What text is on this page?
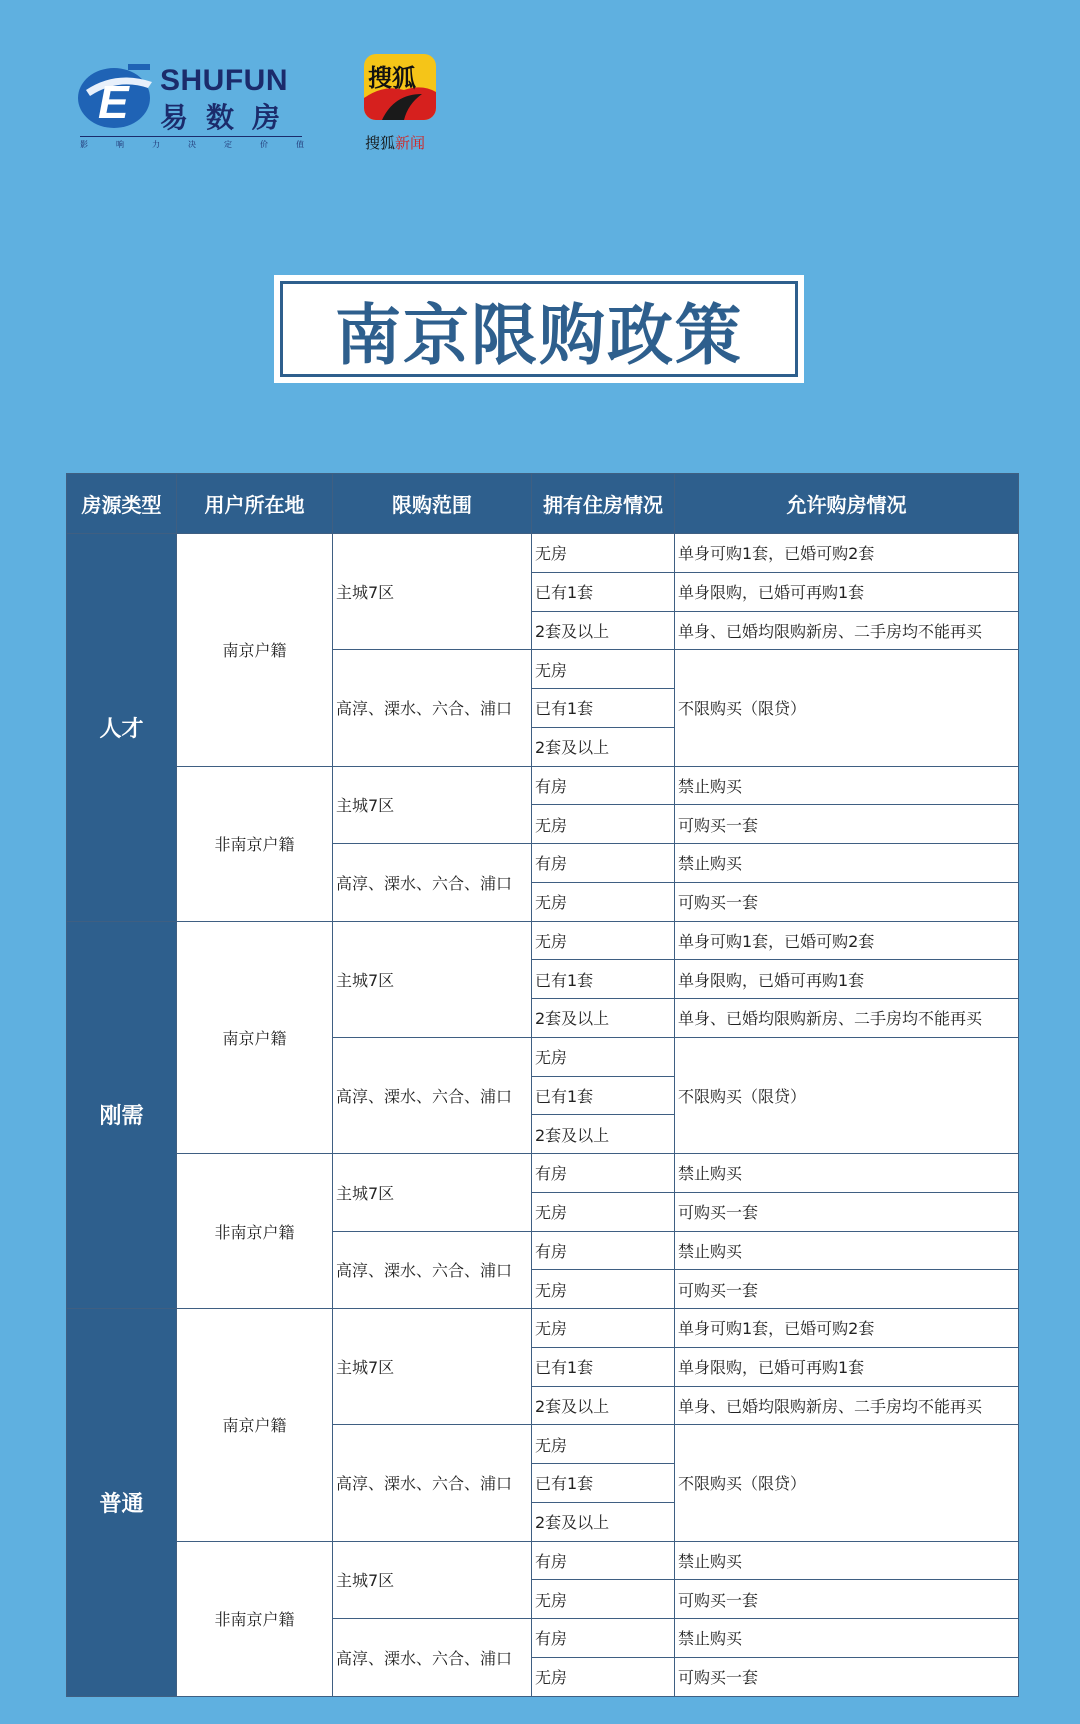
E SHUFUN
易数房
影响力决定价值
搜狐
搜狐新闻
南京限购政策
房源类型	用户所在地	限购范围	拥有住房情况	允许购房情况
人才	南京户籍	主城7区	无房	单身可购1套，已婚可购2套
			已有1套	单身限购，已婚可再购1套
			2套及以上	单身、已婚均限购新房、二手房均不能再买
		高淳、溧水、六合、浦口	无房	不限购买（限贷）
			已有1套	
			2套及以上	
	非南京户籍	主城7区	有房	禁止购买
			无房	可购买一套
		高淳、溧水、六合、浦口	有房	禁止购买
			无房	可购买一套
刚需	南京户籍	主城7区	无房	单身可购1套，已婚可购2套
			已有1套	单身限购，已婚可再购1套
			2套及以上	单身、已婚均限购新房、二手房均不能再买
		高淳、溧水、六合、浦口	无房	不限购买（限贷）
			已有1套	
			2套及以上	
	非南京户籍	主城7区	有房	禁止购买
			无房	可购买一套
		高淳、溧水、六合、浦口	有房	禁止购买
			无房	可购买一套
普通	南京户籍	主城7区	无房	单身可购1套，已婚可购2套
			已有1套	单身限购，已婚可再购1套
			2套及以上	单身、已婚均限购新房、二手房均不能再买
		高淳、溧水、六合、浦口	无房	不限购买（限贷）
			已有1套	
			2套及以上	
	非南京户籍	主城7区	有房	禁止购买
			无房	可购买一套
		高淳、溧水、六合、浦口	有房	禁止购买
			无房	可购买一套
